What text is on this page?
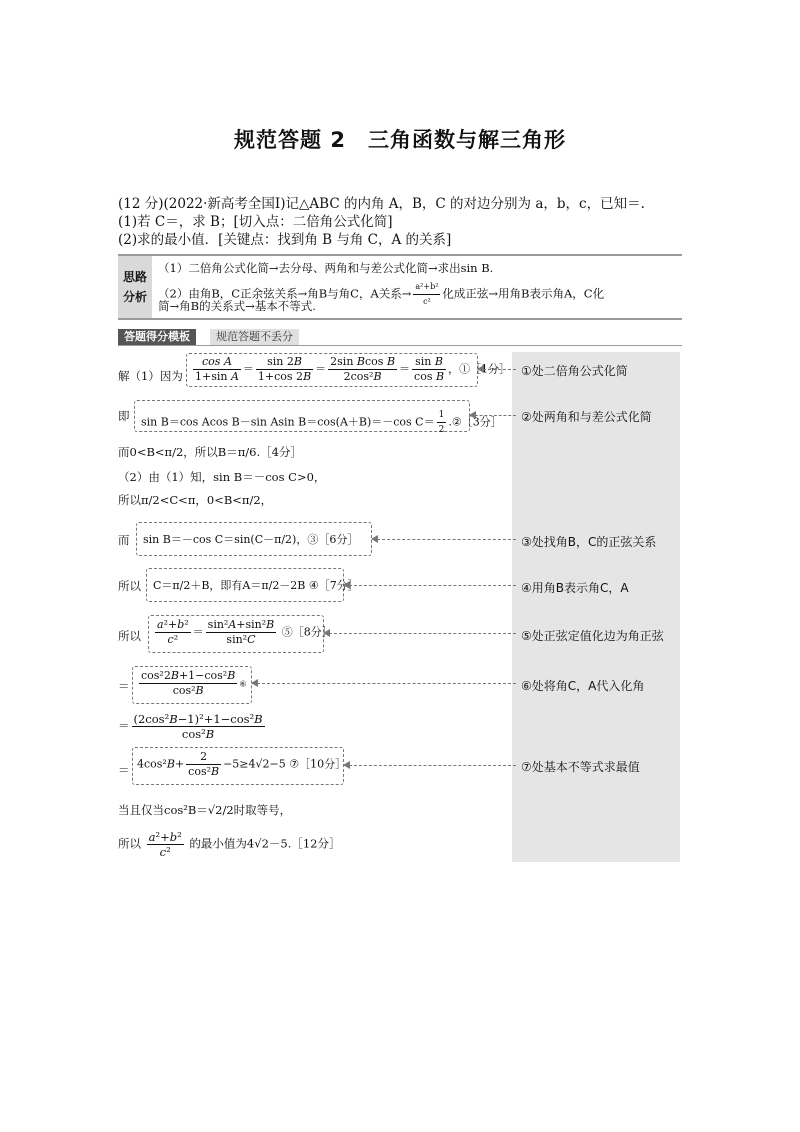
规范答题 2　三角函数与解三角形
(12 分)(2022·新高考全国Ⅰ)记△ABC 的内角 A，B，C 的对边分别为 a，b，c，已知＝.
(1)若 C＝，求 B；[切入点：二倍角公式化简]
(2)求的最小值．[关键点：找到角 B 与角 C，A 的关系]
思路
分析
（1）二倍角公式化简→去分母、两角和与差公式化简→求出sin B.
（2）由角B，C正余弦关系→角B与角C，A关系→ $\frac{\text{a²+b²}}{\text{c²}}$ 化成正弦→用角B表示角A，C化
简→角B的关系式→基本不等式.
答题得分模板	规范答题不丢分
解（1）因为 $\frac{\text{cos A}}{\text{1+sin A}} = \frac{\sin 2B}{1+\cos 2B} = \frac{\text{2sin Bcos B}}{\text{2cos²B}} = \frac{\text{sin B}}{\text{cos B}}$ ，①［1分］ ①处二倍角公式化简
即 sin B＝cos Acos B－sin Asin B＝cos(A＋B)＝－cos $C= \frac{1}{2}$ .②［3分］ ②处两角和与差公式化简
而0<B<π/2，所以B＝π/6.［4分］
（2）由（1）知，sin B＝－cos C>0，
所以π/2<C<π，0<B<π/2，
而 sin B＝－cos C＝sin(C－π/2)，③［6分］	③处找角B，C的正弦关系
所以 C＝π/2＋B，即有A＝π/2－2B ④［7分］	④用角B表示角C，A
所以 $\frac{\text{a²+b²}}{\text{c²}} = \frac{\text{sin²A+sin²B}}{\text{sin²C}}$ ⑤［8分］	⑤处正弦定值化边为角正弦
＝ $\frac{\text{cos²2B+1−cos²B}}{\text{cos²B}}$ ⑥	⑥处将角C，A代入化角
＝ $\frac{\text{(2cos²B−1)²+1−cos²B}}{\text{cos²B}}$
＝ $4\cos^2B+ \frac{2}{\text{cos²B}} -5\ge 4√2-5$ ⑦［10分］	⑦处基本不等式求最值
当且仅当cos²B＝√2/2时取等号，
所以 $\frac{\text{a²+b²}}{\text{c²}}$ 的最小值为4√2－5.［12分］
